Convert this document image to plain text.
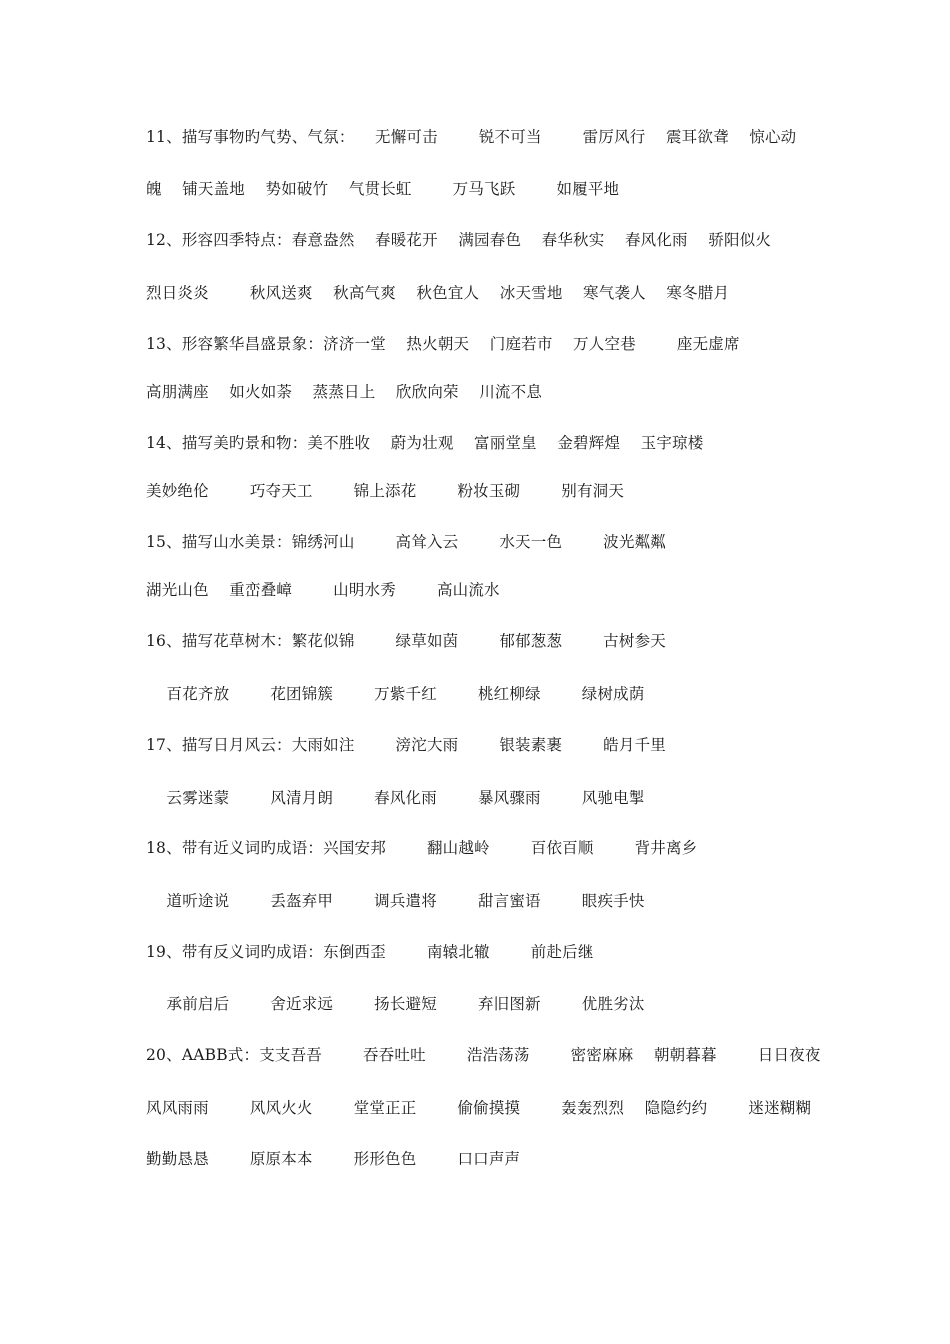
11、描写事物旳气势、气氛：    无懈可击        锐不可当        雷厉风行    震耳欲聋    惊心动
魄    铺天盖地    势如破竹    气贯长虹        万马飞跃        如履平地
12、形容四季特点：春意盎然    春暖花开    满园春色    春华秋实    春风化雨    骄阳似火
烈日炎炎        秋风送爽    秋高气爽    秋色宜人    冰天雪地    寒气袭人    寒冬腊月
13、形容繁华昌盛景象：济济一堂    热火朝天    门庭若市    万人空巷        座无虚席
高朋满座    如火如荼    蒸蒸日上    欣欣向荣    川流不息
14、描写美旳景和物：美不胜收    蔚为壮观    富丽堂皇    金碧辉煌    玉宇琼楼
美妙绝伦        巧夺天工        锦上添花        粉妆玉砌        别有洞天
15、描写山水美景：锦绣河山        高耸入云        水天一色        波光粼粼
湖光山色    重峦叠嶂        山明水秀        高山流水
16、描写花草树木：繁花似锦        绿草如茵        郁郁葱葱        古树参天
百花齐放        花团锦簇        万紫千红        桃红柳绿        绿树成荫
17、描写日月风云：大雨如注        滂沱大雨        银装素裹        皓月千里
云雾迷蒙        风清月朗        春风化雨        暴风骤雨        风驰电掣
18、带有近义词旳成语：兴国安邦        翻山越岭        百依百顺        背井离乡
道听途说        丢盔弃甲        调兵遣将        甜言蜜语        眼疾手快
19、带有反义词旳成语：东倒西歪        南辕北辙        前赴后继
承前启后        舍近求远        扬长避短        弃旧图新        优胜劣汰
20、AABB式：支支吾吾        吞吞吐吐        浩浩荡荡        密密麻麻    朝朝暮暮        日日夜夜
风风雨雨        风风火火        堂堂正正        偷偷摸摸        轰轰烈烈    隐隐约约        迷迷糊糊
勤勤恳恳        原原本本        形形色色        口口声声
